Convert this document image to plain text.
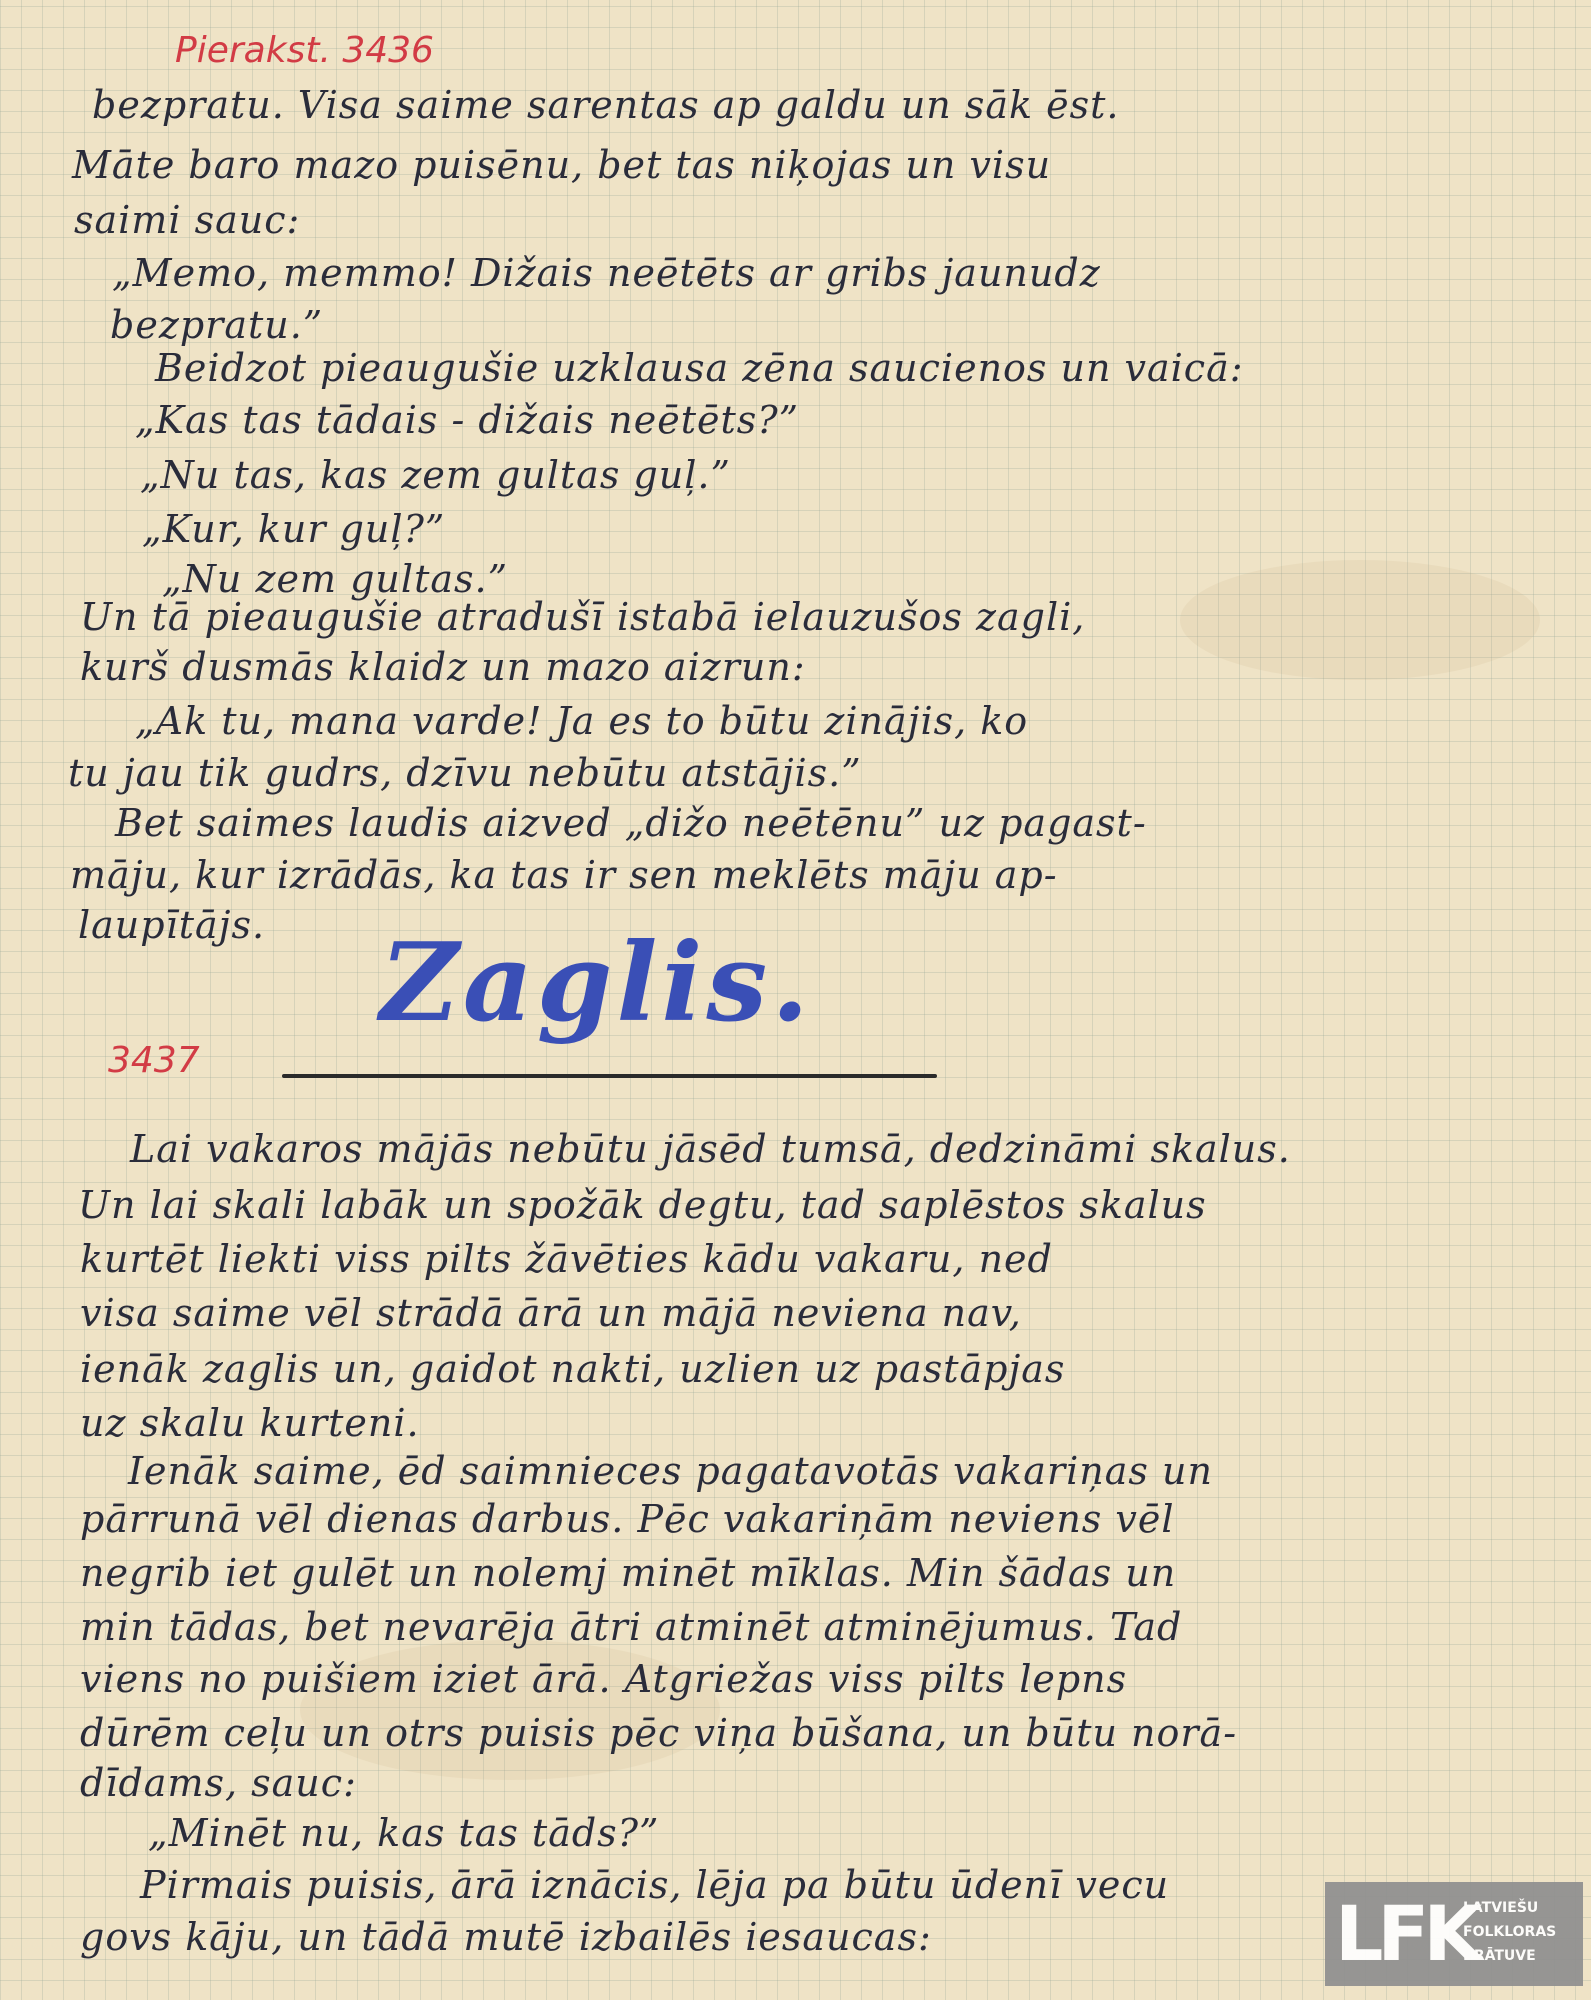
Pierakst. 3436
bezpratu. Visa saime sarentas ap galdu un sāk ēst.
Māte baro mazo puisēnu, bet tas niķojas un visu
saimi sauc:
„Memo, memmo! Dižais neētēts ar gribs jaunudz
bezpratu.”
Beidzot pieaugušie uzklausa zēna saucienos un vaicā:
„Kas tas tādais - dižais neētēts?”
„Nu tas, kas zem gultas guļ.”
„Kur, kur guļ?”
„Nu zem gultas.”
Un tā pieaugušie atradušī istabā ielauzušos zagli,
kurš dusmās klaidz un mazo aizrun:
„Ak tu, mana varde! Ja es to būtu zinājis, ko
tu jau tik gudrs, dzīvu nebūtu atstājis.”
Bet saimes laudis aizved „dižo neētēnu” uz pagast-
māju, kur izrādās, ka tas ir sen meklēts māju ap-
laupītājs.
3437
Zaglis.
Lai vakaros mājās nebūtu jāsēd tumsā, dedzināmi skalus.
Un lai skali labāk un spožāk degtu, tad saplēstos skalus
kurtēt liekti viss pilts žāvēties kādu vakaru, ned
visa saime vēl strādā ārā un mājā neviena nav,
ienāk zaglis un, gaidot nakti, uzlien uz pastāpjas
uz skalu kurteni.
Ienāk saime, ēd saimnieces pagatavotās vakariņas un
pārrunā vēl dienas darbus. Pēc vakariņām neviens vēl
negrib iet gulēt un nolemj minēt mīklas. Min šādas un
min tādas, bet nevarēja ātri atminēt atminējumus. Tad
viens no puišiem iziet ārā. Atgriežas viss pilts lepns
dūrēm ceļu un otrs puisis pēc viņa būšana, un būtu norā-
dīdams, sauc:
„Minēt nu, kas tas tāds?”
Pirmais puisis, ārā iznācis, lēja pa būtu ūdenī vecu
govs kāju, un tādā mutē izbailēs iesaucas:	LFK
LATVIEŠU
FOLKLORAS
KRĀTUVE
